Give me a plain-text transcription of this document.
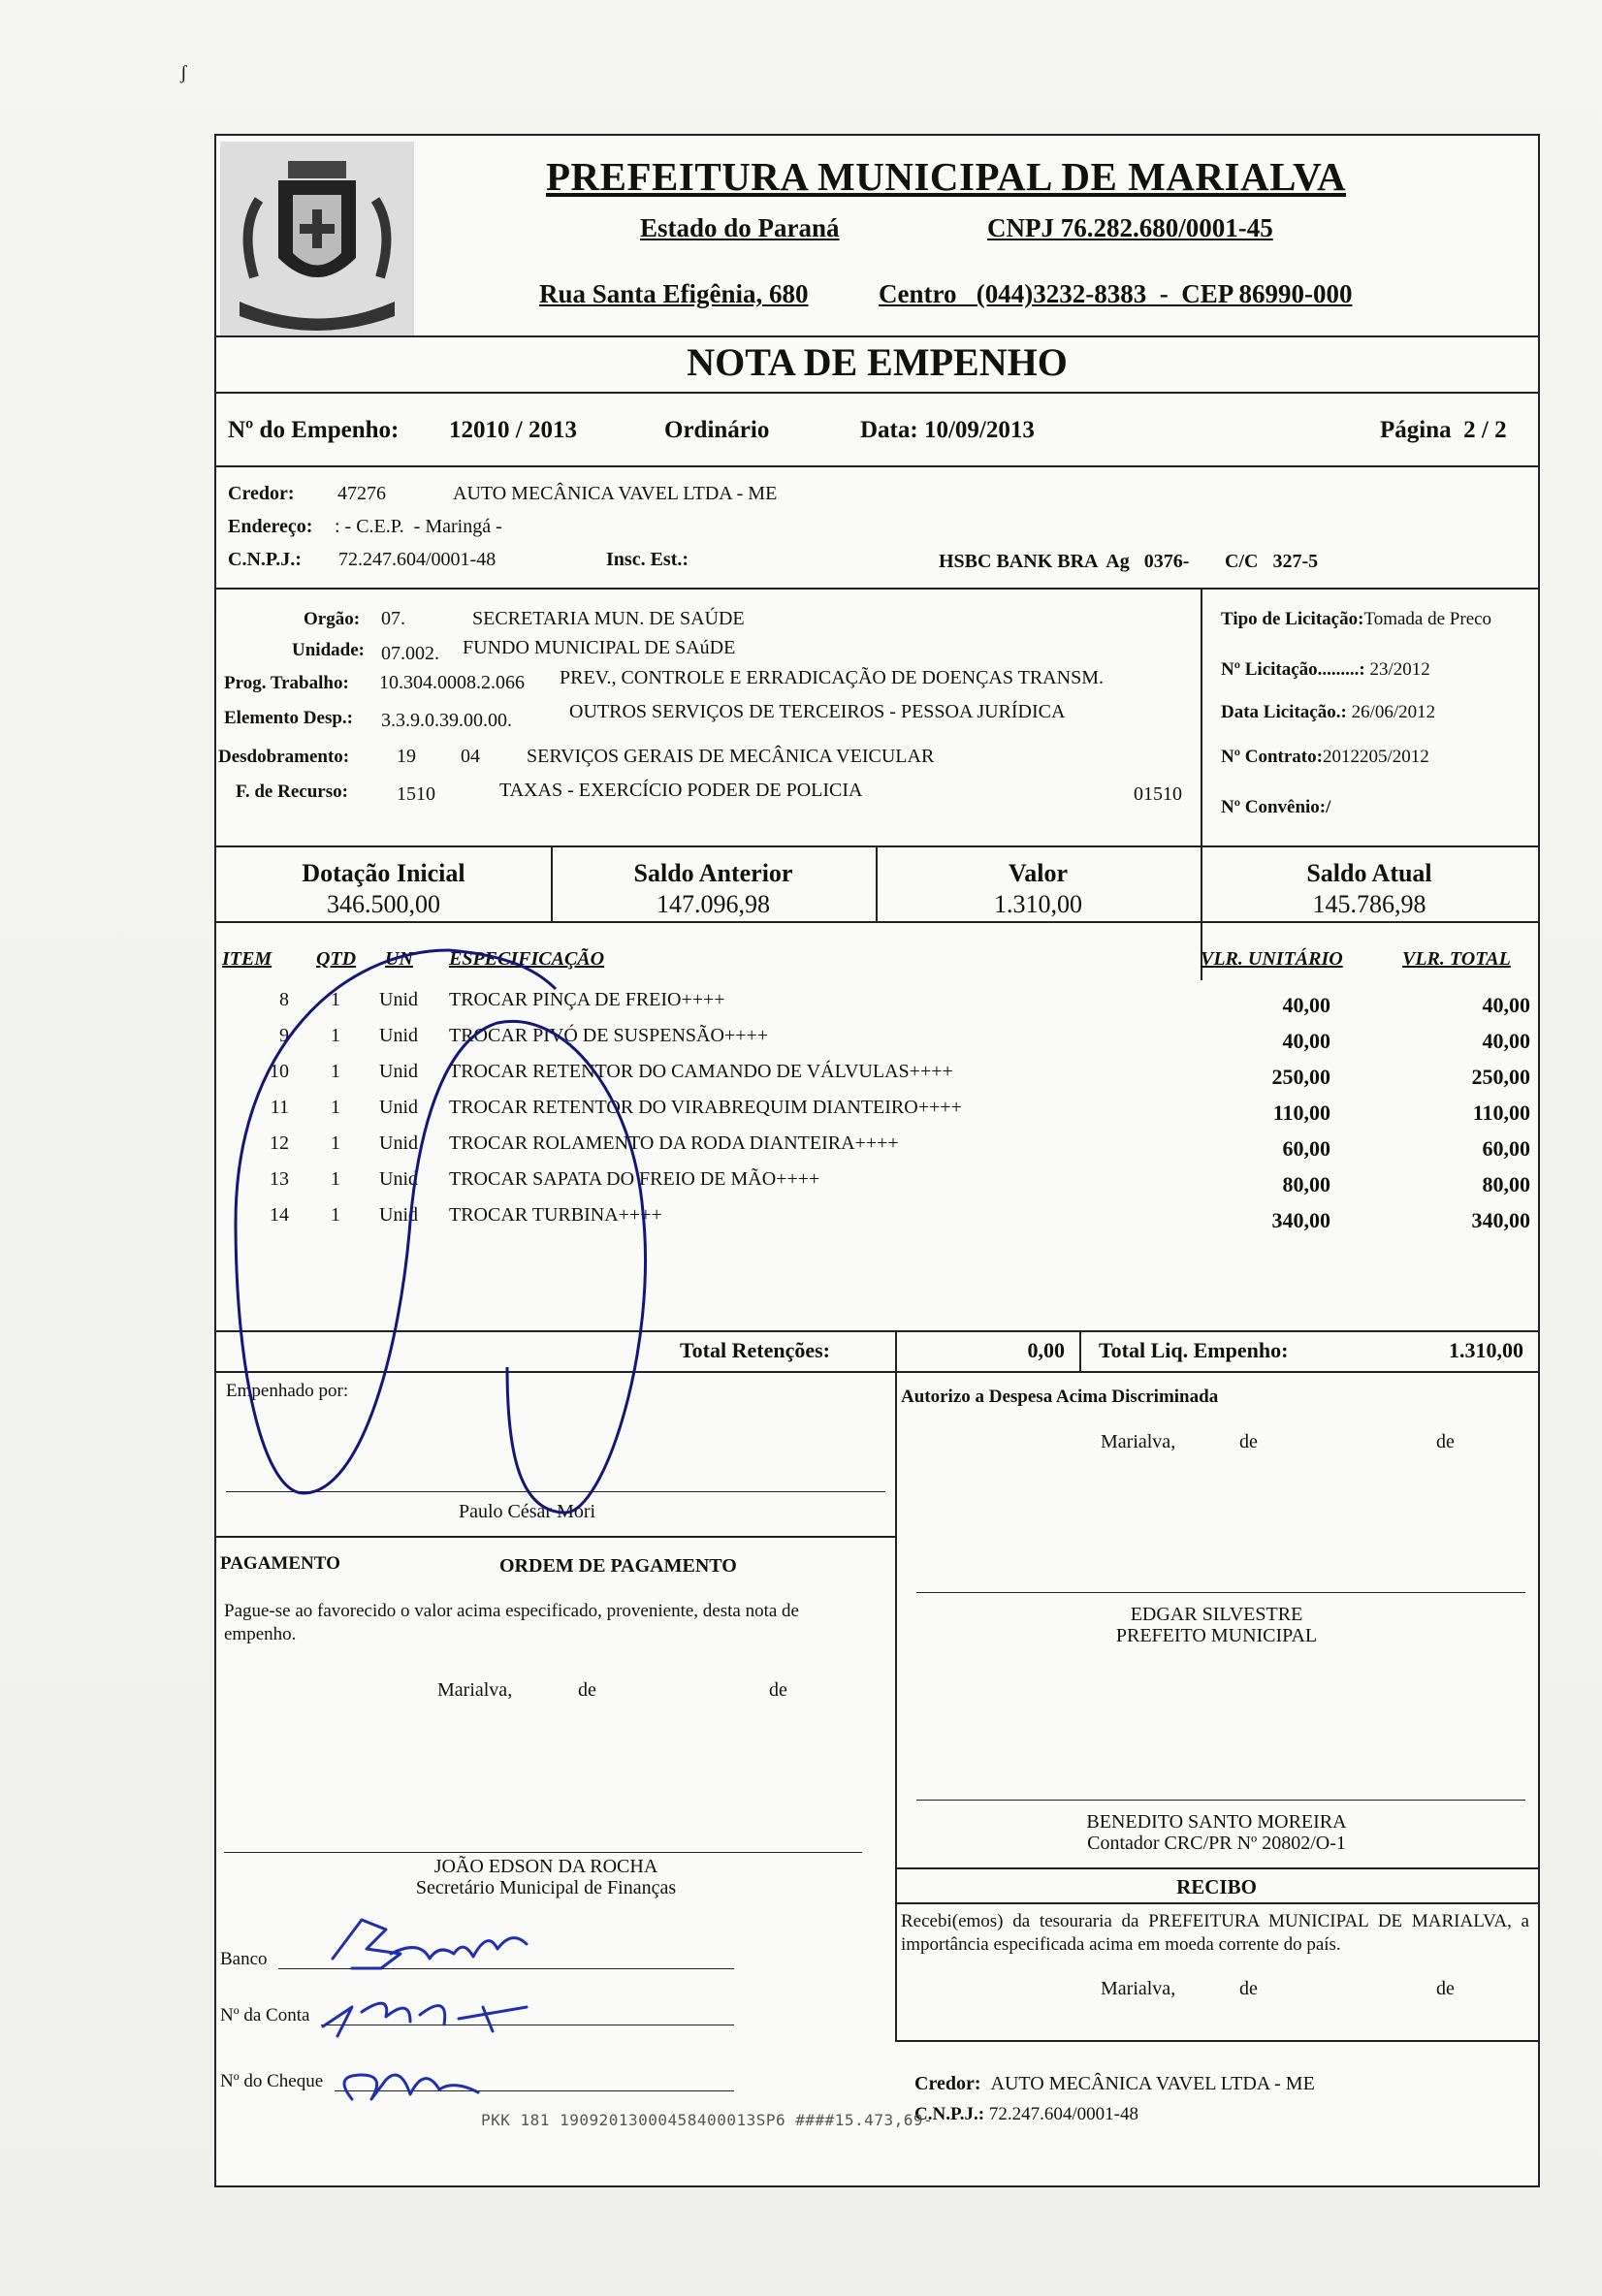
PREFEITURA MUNICIPAL DE MARIALVA
Estado do Paraná	CNPJ 76.282.680/0001-45
Rua Santa Efigênia, 680	Centro   (044)3232-8383  -  CEP 86990-000
NOTA DE EMPENHO
Nº do Empenho: 12010 / 2013	Ordinário	Data: 10/09/2013	Página  2 / 2
Credor: 47276	AUTO MECÂNICA VAVEL LTDA - ME
Endereço: : - C.E.P.  - Maringá -
C.N.P.J.: 72.247.604/0001-48	Insc. Est.:	HSBC BANK BRA  Ag   0376- C/C   327-5
Orgão: 07.	SECRETARIA MUN. DE SAÚDE
Unidade: 07.002. FUNDO MUNICIPAL DE SAúDE
Prog. Trabalho: 10.304.0008.2.066 PREV., CONTROLE E ERRADICAÇÃO DE DOENÇAS TRANSM.
Elemento Desp.: 3.3.9.0.39.00.00.	OUTROS SERVIÇOS DE TERCEIROS - PESSOA JURÍDICA
Desdobramento: 19 04 SERVIÇOS GERAIS DE MECÂNICA VEICULAR
F. de Recurso:	1510	TAXAS - EXERCÍCIO PODER DE POLICIA	01510
Tipo de Licitação:Tomada de Preco
Nº Licitação.........: 23/2012
Data Licitação.: 26/06/2012
Nº Contrato:2012205/2012
Nº Convênio:/
Dotação Inicial
346.500,00
Saldo Anterior
147.096,98
Valor
1.310,00
Saldo Atual
145.786,98
ITEM QTD UN ESPECIFICAÇÃO	VLR. UNITÁRIO	VLR. TOTAL
8 1 Unid TROCAR PINÇA DE FREIO++++	40,00	40,00
9 1 Unid TROCAR PIVÓ DE SUSPENSÃO++++	40,00	40,00
10 1 Unid TROCAR RETENTOR DO CAMANDO DE VÁLVULAS++++	250,00	250,00
11 1 Unid TROCAR RETENTOR DO VIRABREQUIM DIANTEIRO++++	110,00	110,00
12 1 Unid TROCAR ROLAMENTO DA RODA DIANTEIRA++++	60,00	60,00
13 1 Unid TROCAR SAPATA DO FREIO DE MÃO++++	80,00	80,00
14 1 Unid TROCAR TURBINA++++	340,00	340,00
Total Retenções:	0,00 Total Liq. Empenho:	1.310,00
Empenhado por:
Paulo César Mori
Autorizo a Despesa Acima Discriminada
Marialva,	de	de
EDGAR SILVESTRE
PREFEITO MUNICIPAL
PAGAMENTO	ORDEM DE PAGAMENTO
Pague-se ao favorecido o valor acima especificado, proveniente, desta nota de empenho.
Marialva,	de	de
JOÃO EDSON DA ROCHA
Secretário Municipal de Finanças
Banco
Nº da Conta
Nº do Cheque
BENEDITO SANTO MOREIRA
Contador CRC/PR Nº 20802/O-1
RECIBO
Recebi(emos) da tesouraria da PREFEITURA MUNICIPAL DE MARIALVA, a importância especificada acima em moeda corrente do país.
Marialva,	de	de
Credor: AUTO MECÂNICA VAVEL LTDA - ME
C.N.P.J.: 72.247.604/0001-48
ʃ
PKK 181 19092013000458400013SP6 ####15.473,69-
